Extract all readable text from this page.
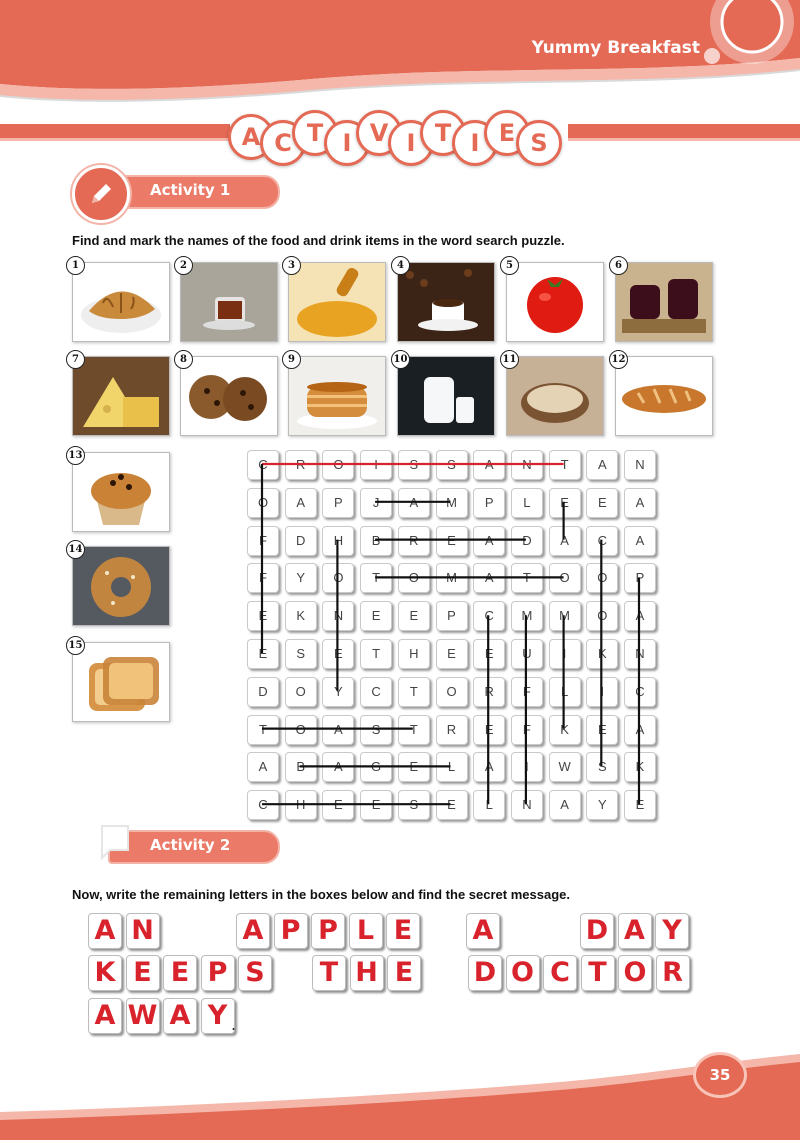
Yummy Breakfast
A C T I V I T I E S
Activity 1
Find and mark the names of the food and drink items in the word search puzzle.
1	2	3	4	5	6
7	8	9	10	11	12
13
14
15
C	R	O	I	S	S	A	N	T	A	N
O	A	P	J	A	M	P	L	E	E	A
F	D	H	B	R	E	A	D	A	C	A
F	Y	O	T	O	M	A	T	O	O	P
E	K	N	E	E	P	C	M	M	O	A
E	S	E	T	H	E	E	U	I	K	N
D	O	Y	C	T	O	R	F	L	I	C
T	O	A	S	T	R	E	F	K	E	A
A	B	A	G	E	L	A	I	W	S	K
C	H	E	E	S	E	L	N	A	Y	E
Activity 2
Now, write the remaining letters in the boxes below and find the secret message.
A N	A P P L E A	D A Y
K E E P S T H E D O C T O R
A W A Y .
35
